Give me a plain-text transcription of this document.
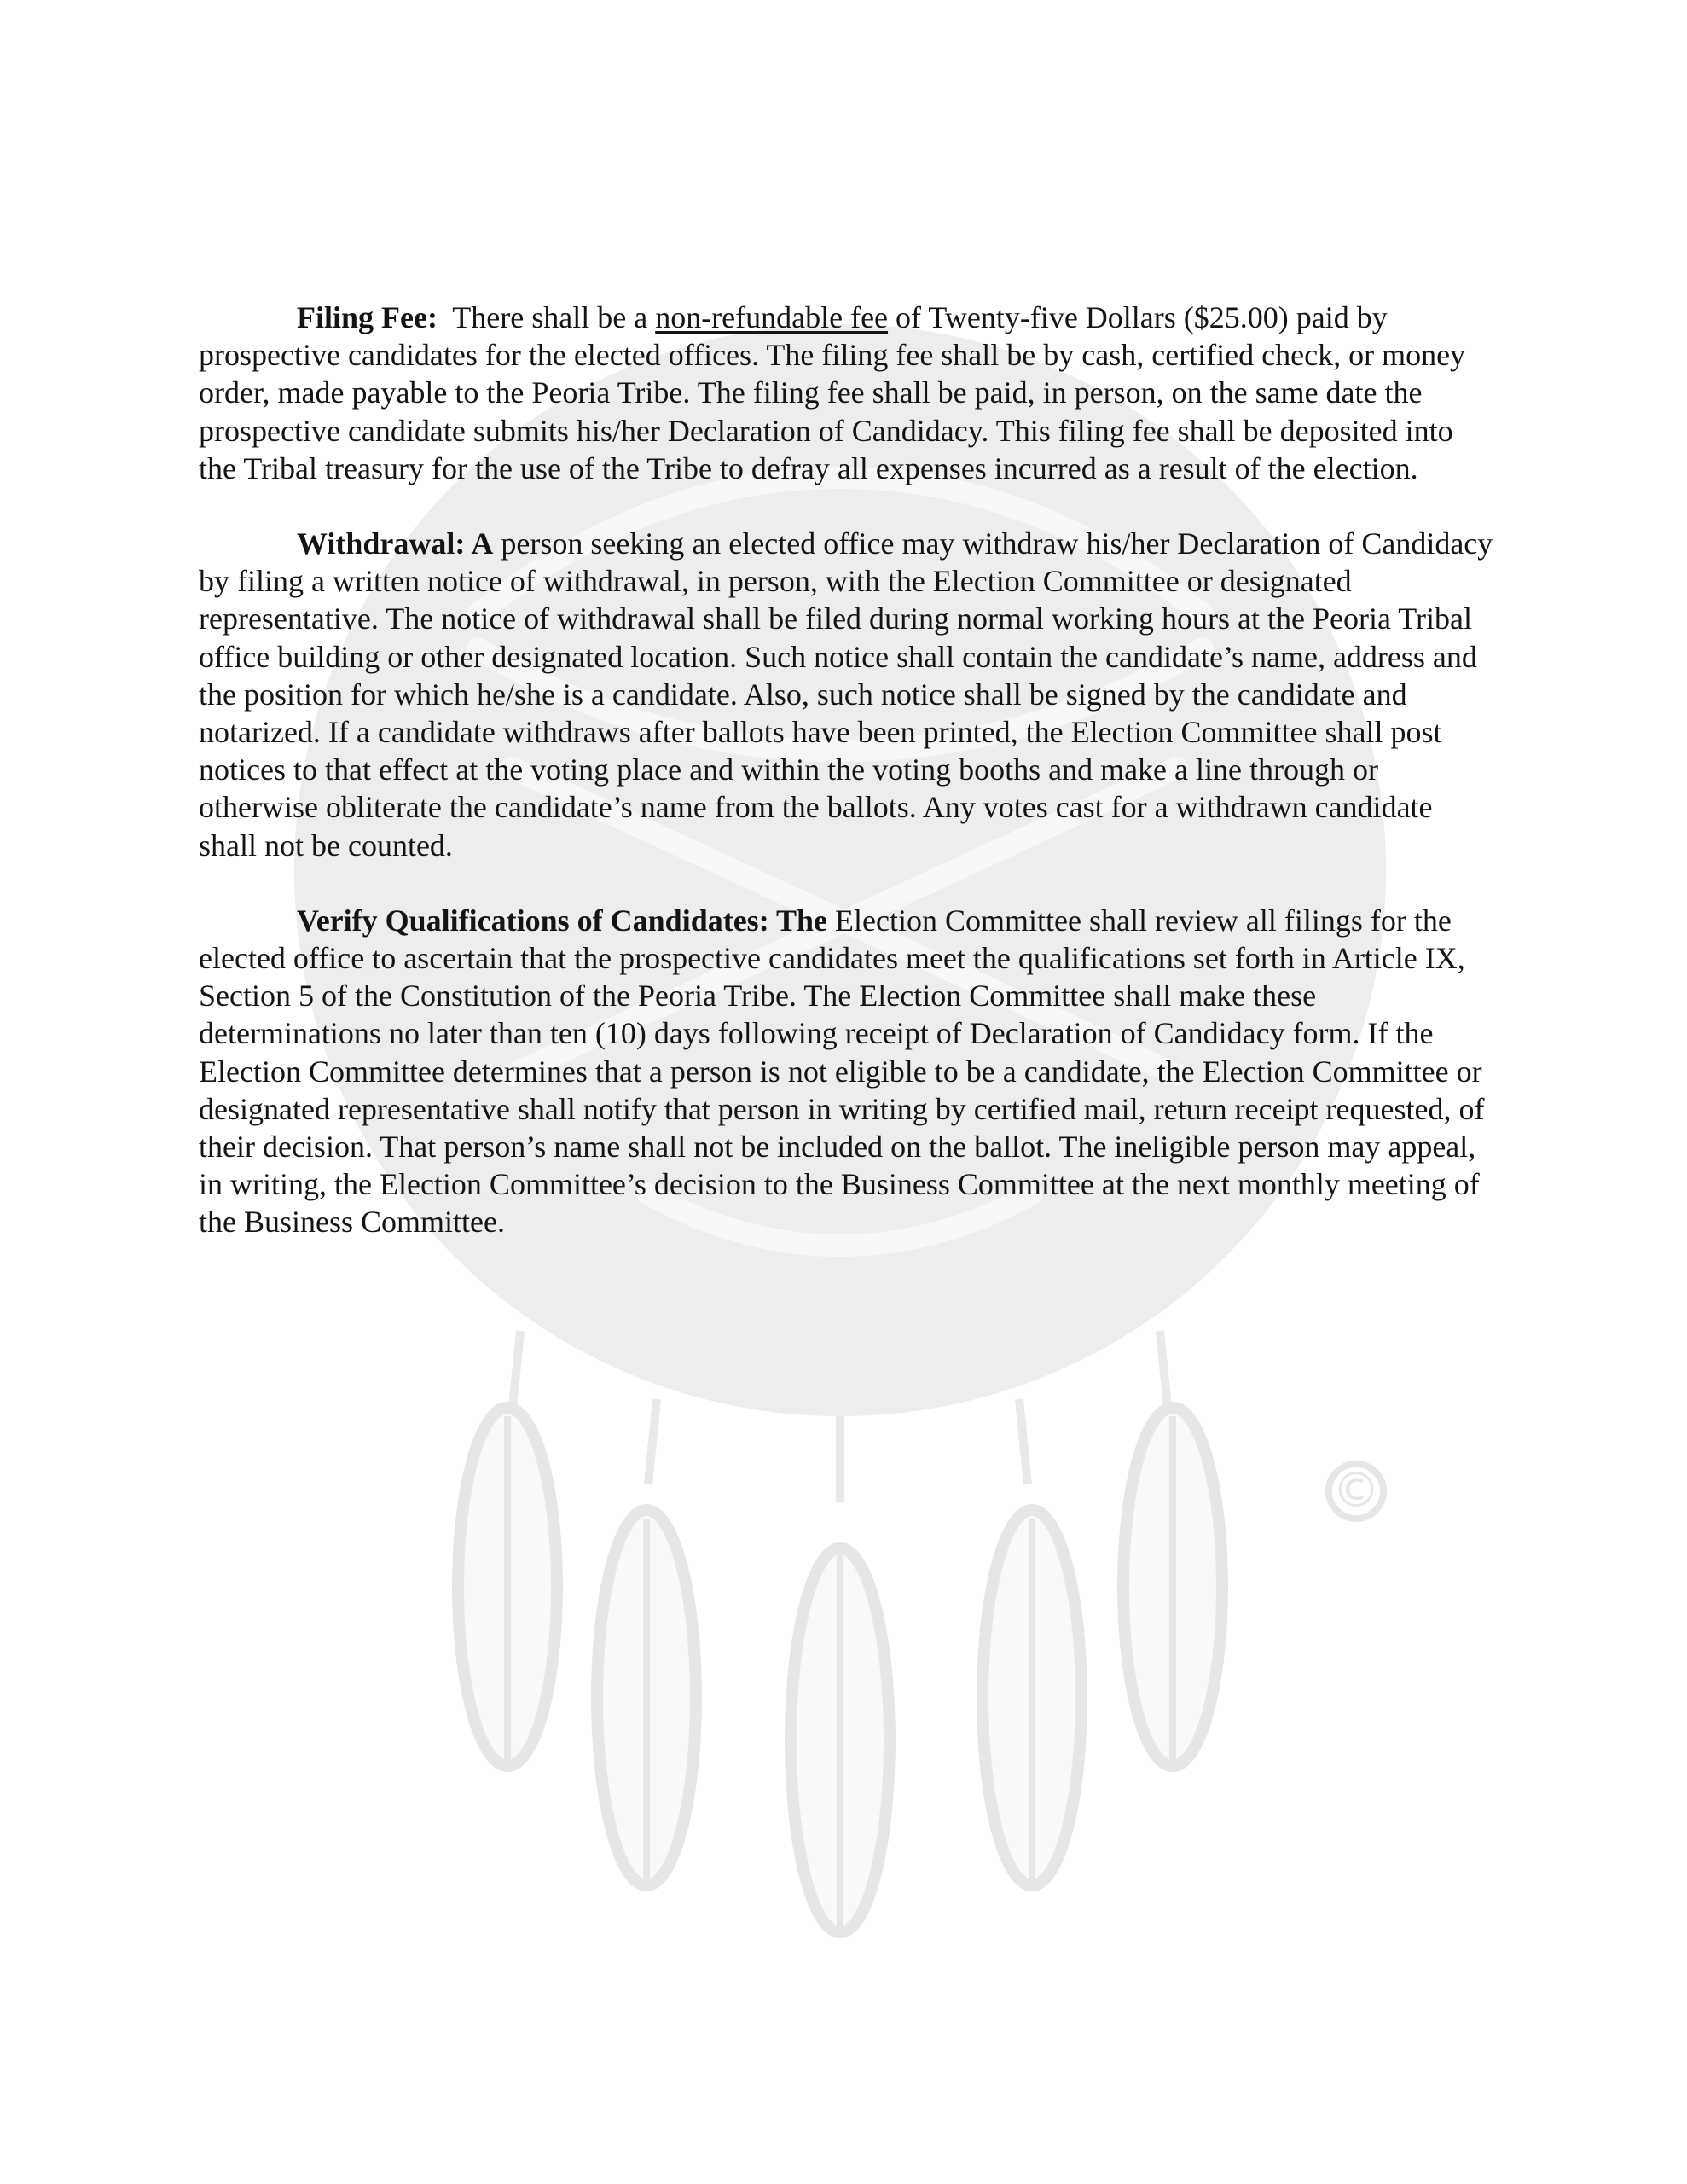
©

Filing Fee:  There shall be a non-refundable fee of Twenty-five Dollars ($25.00) paid by prospective candidates for the elected offices. The filing fee shall be by cash, certified check, or money order, made payable to the Peoria Tribe. The filing fee shall be paid, in person, on the same date the prospective candidate submits his/her Declaration of Candidacy. This filing fee shall be deposited into the Tribal treasury for the use of the Tribe to defray all expenses incurred as a result of the election.

Withdrawal: A person seeking an elected office may withdraw his/her Declaration of Candidacy by filing a written notice of withdrawal, in person, with the Election Committee or designated representative. The notice of withdrawal shall be filed during normal working hours at the Peoria Tribal office building or other designated location. Such notice shall contain the candidate’s name, address and the position for which he/she is a candidate. Also, such notice shall be signed by the candidate and notarized. If a candidate withdraws after ballots have been printed, the Election Committee shall post notices to that effect at the voting place and within the voting booths and make a line through or otherwise obliterate the candidate’s name from the ballots. Any votes cast for a withdrawn candidate shall not be counted.

Verify Qualifications of Candidates: The Election Committee shall review all filings for the elected office to ascertain that the prospective candidates meet the qualifications set forth in Article IX, Section 5 of the Constitution of the Peoria Tribe. The Election Committee shall make these determinations no later than ten (10) days following receipt of Declaration of Candidacy form. If the Election Committee determines that a person is not eligible to be a candidate, the Election Committee or designated representative shall notify that person in writing by certified mail, return receipt requested, of their decision. That person’s name shall not be included on the ballot. The ineligible person may appeal, in writing, the Election Committee’s decision to the Business Committee at the next monthly meeting of the Business Committee.
